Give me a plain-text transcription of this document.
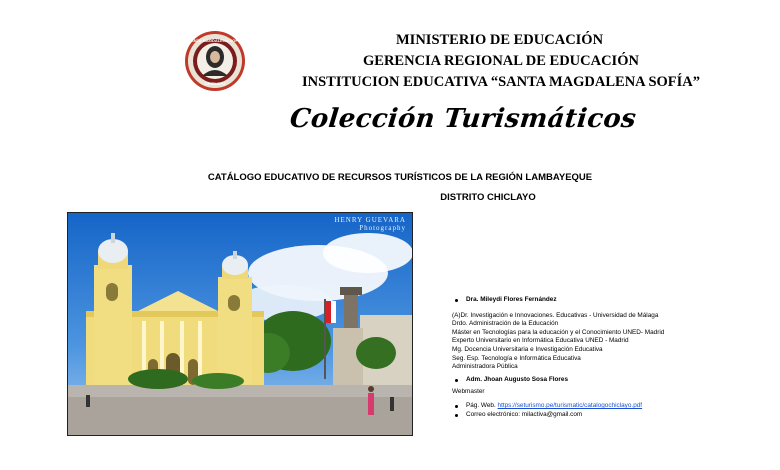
SANTA MAGDALENA SOFIA
CHICLAYO
MINISTERIO DE EDUCACIÓN
GERENCIA REGIONAL DE EDUCACIÓN
INSTITUCION EDUCATIVA “SANTA MAGDALENA SOFÍA”
Colección Turismáticos
CATÁLOGO EDUCATIVO DE RECURSOS TURÍSTICOS DE LA REGIÓN LAMBAYEQUE
DISTRITO CHICLAYO
HENRY GUEVARA
Photography
Dra. Mileydi Flores Fernández
(A)Dr. Investigación e Innovaciones. Educativas - Universidad de Málaga
Drdo. Administración de la Educación
Máster en Tecnologías para la educación y el Conocimiento UNED- Madrid
Experto Universitario en Informática Educativa UNED - Madrid
Mg. Docencia Universitaria e Investigación Educativa
Seg. Esp. Tecnología e Informática Educativa
Administradora Pública
Adm. Jhoan Augusto Sosa Flores
Webmaster
Pág. Web. https://seturismo.pe/turismatic/catalogochiclayo.pdf
Correo electrónico: milactiva@gmail.com
